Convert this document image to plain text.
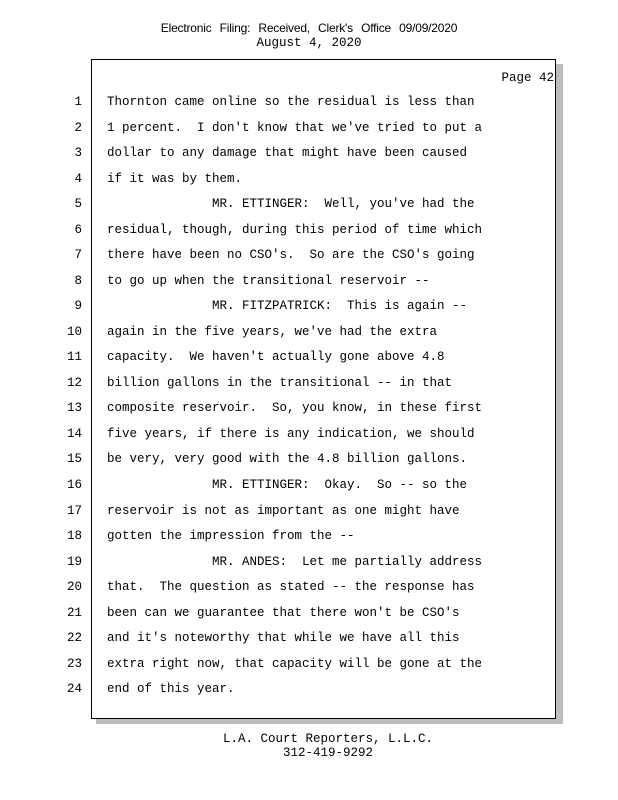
Electronic Filing: Received, Clerk's Office 09/09/2020
August 4, 2020
Page 42
1 Thornton came online so the residual is less than
2 1 percent.  I don't know that we've tried to put a
3 dollar to any damage that might have been caused
4 if it was by them.
5 MR. ETTINGER:  Well, you've had the
6 residual, though, during this period of time which
7 there have been no CSO's.  So are the CSO's going
8 to go up when the transitional reservoir --
9 MR. FITZPATRICK:  This is again --
10 again in the five years, we've had the extra
11 capacity.  We haven't actually gone above 4.8
12 billion gallons in the transitional -- in that
13 composite reservoir.  So, you know, in these first
14 five years, if there is any indication, we should
15 be very, very good with the 4.8 billion gallons.
16 MR. ETTINGER:  Okay.  So -- so the
17 reservoir is not as important as one might have
18 gotten the impression from the --
19 MR. ANDES:  Let me partially address
20 that.  The question as stated -- the response has
21 been can we guarantee that there won't be CSO's
22 and it's noteworthy that while we have all this
23 extra right now, that capacity will be gone at the
24 end of this year.
L.A. Court Reporters, L.L.C.
312-419-9292
